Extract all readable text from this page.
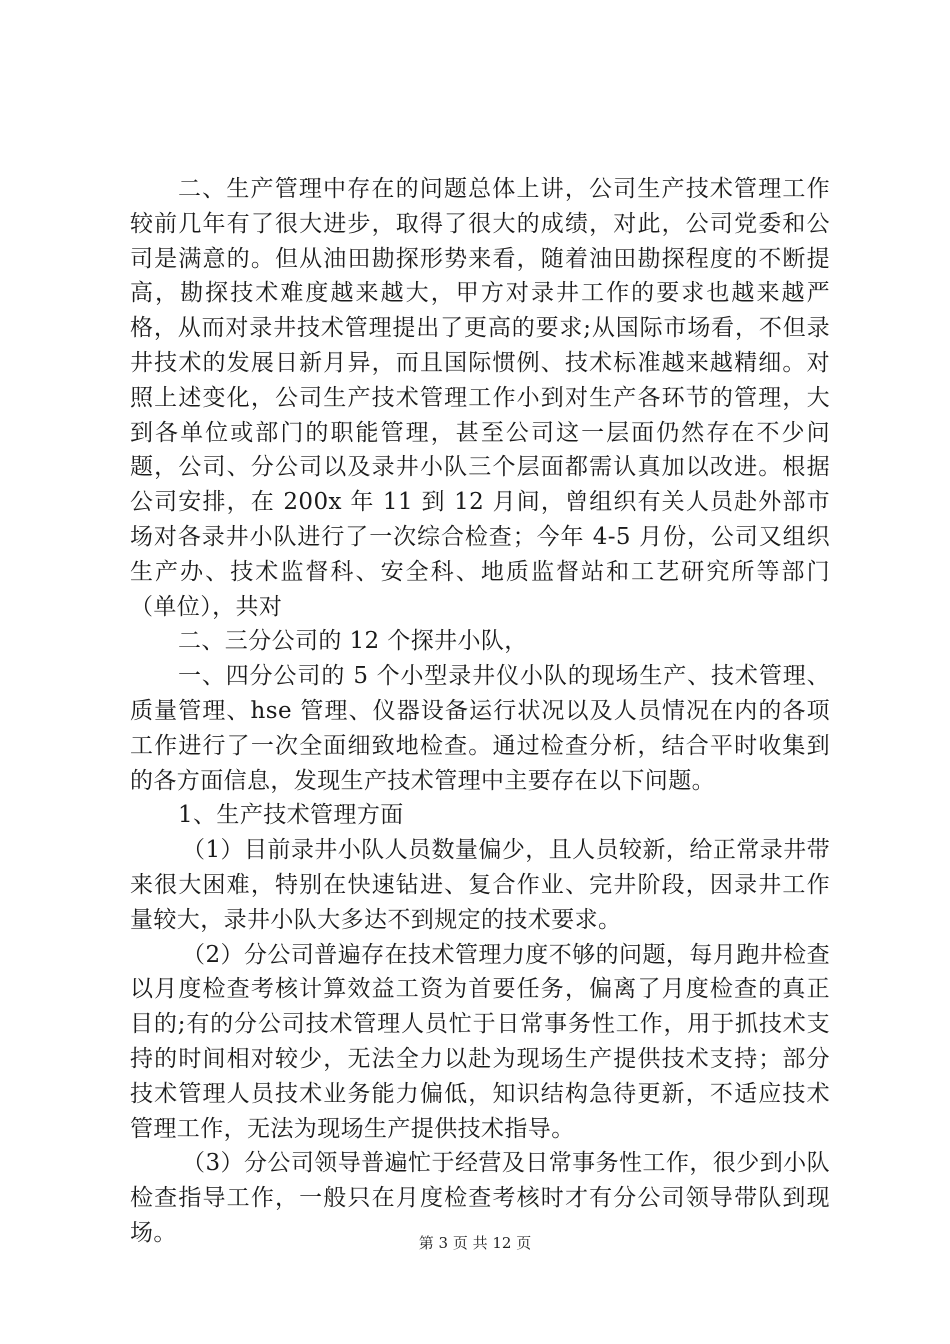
二、生产管理中存在的问题总体上讲，公司生产技术管理工作较前几年有了很大进步，取得了很大的成绩，对此，公司党委和公司是满意的。但从油田勘探形势来看，随着油田勘探程度的不断提高，勘探技术难度越来越大，甲方对录井工作的要求也越来越严格，从而对录井技术管理提出了更高的要求;从国际市场看，不但录井技术的发展日新月异，而且国际惯例、技术标准越来越精细。对照上述变化，公司生产技术管理工作小到对生产各环节的管理，大到各单位或部门的职能管理，甚至公司这一层面仍然存在不少问题，公司、分公司以及录井小队三个层面都需认真加以改进。根据公司安排，在 200x 年 11 到 12 月间，曾组织有关人员赴外部市场对各录井小队进行了一次综合检查；今年 4-5 月份，公司又组织生产办、技术监督科、安全科、地质监督站和工艺研究所等部门（单位），共对

二、三分公司的 12 个探井小队，

一、四分公司的 5 个小型录井仪小队的现场生产、技术管理、质量管理、hse 管理、仪器设备运行状况以及人员情况在内的各项工作进行了一次全面细致地检查。通过检查分析，结合平时收集到的各方面信息，发现生产技术管理中主要存在以下问题。

1、生产技术管理方面

（1）目前录井小队人员数量偏少，且人员较新，给正常录井带来很大困难，特别在快速钻进、复合作业、完井阶段，因录井工作量较大，录井小队大多达不到规定的技术要求。

（2）分公司普遍存在技术管理力度不够的问题，每月跑井检查以月度检查考核计算效益工资为首要任务，偏离了月度检查的真正目的;有的分公司技术管理人员忙于日常事务性工作，用于抓技术支持的时间相对较少，无法全力以赴为现场生产提供技术支持；部分技术管理人员技术业务能力偏低，知识结构急待更新，不适应技术管理工作，无法为现场生产提供技术指导。

（3）分公司领导普遍忙于经营及日常事务性工作，很少到小队检查指导工作，一般只在月度检查考核时才有分公司领导带队到现场。	第 3 页 共 12 页
